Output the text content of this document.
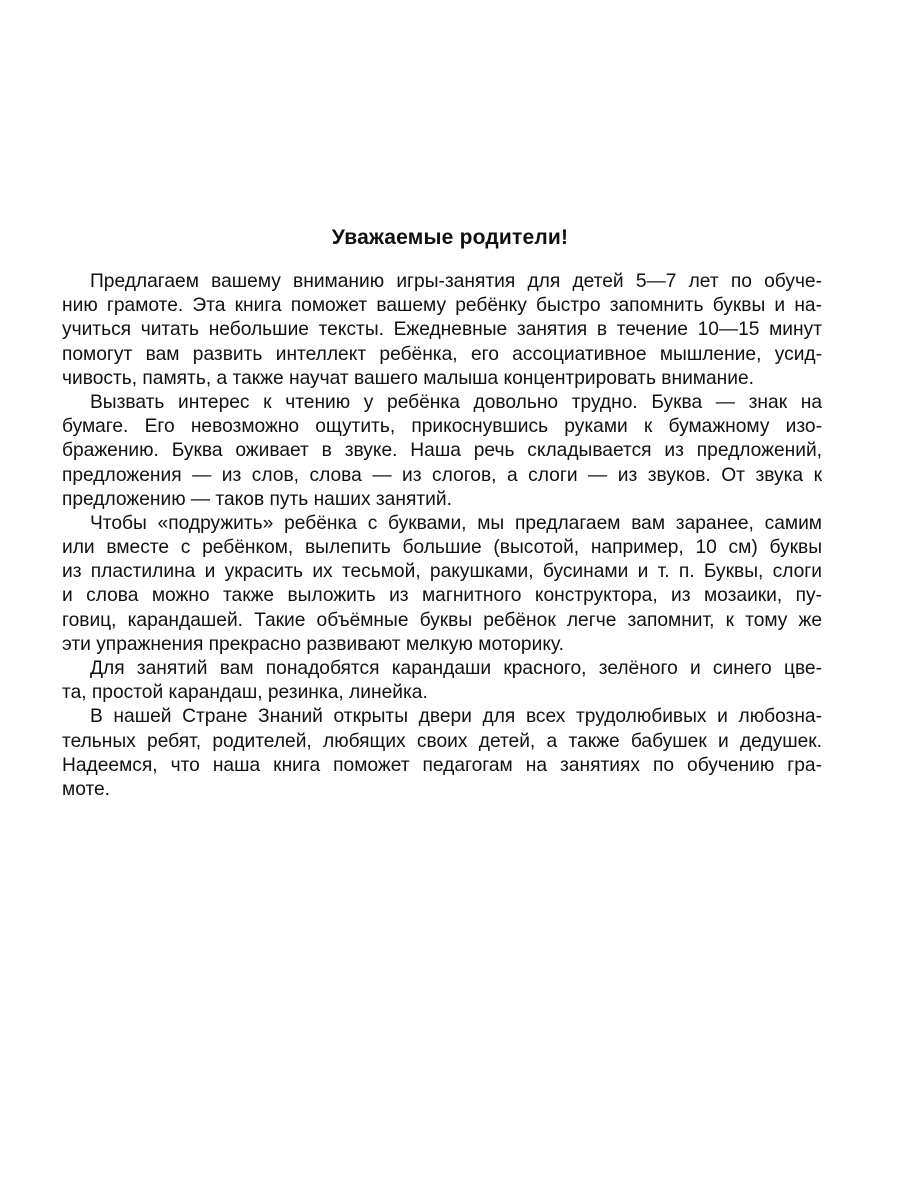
Уважаемые родители!
Предлагаем вашему вниманию игры-занятия для детей 5—7 лет по обуче-
нию грамоте. Эта книга поможет вашему ребёнку быстро запомнить буквы и на-
учиться читать небольшие тексты. Ежедневные занятия в течение 10—15 минут
помогут вам развить интеллект ребёнка, его ассоциативное мышление, усид-
чивость, память, а также научат вашего малыша концентрировать внимание.
Вызвать интерес к чтению у ребёнка довольно трудно. Буква — знак на
бумаге. Его невозможно ощутить, прикоснувшись руками к бумажному изо-
бражению. Буква оживает в звуке. Наша речь складывается из предложений,
предложения — из слов, слова — из слогов, а слоги — из звуков. От звука к
предложению — таков путь наших занятий.
Чтобы «подружить» ребёнка с буквами, мы предлагаем вам заранее, самим
или вместе с ребёнком, вылепить большие (высотой, например, 10 см) буквы
из пластилина и украсить их тесьмой, ракушками, бусинами и т. п. Буквы, слоги
и слова можно также выложить из магнитного конструктора, из мозаики, пу-
говиц, карандашей. Такие объёмные буквы ребёнок легче запомнит, к тому же
эти упражнения прекрасно развивают мелкую моторику.
Для занятий вам понадобятся карандаши красного, зелёного и синего цве-
та, простой карандаш, резинка, линейка.
В нашей Стране Знаний открыты двери для всех трудолюбивых и любозна-
тельных ребят, родителей, любящих своих детей, а также бабушек и дедушек.
Надеемся, что наша книга поможет педагогам на занятиях по обучению гра-
моте.
